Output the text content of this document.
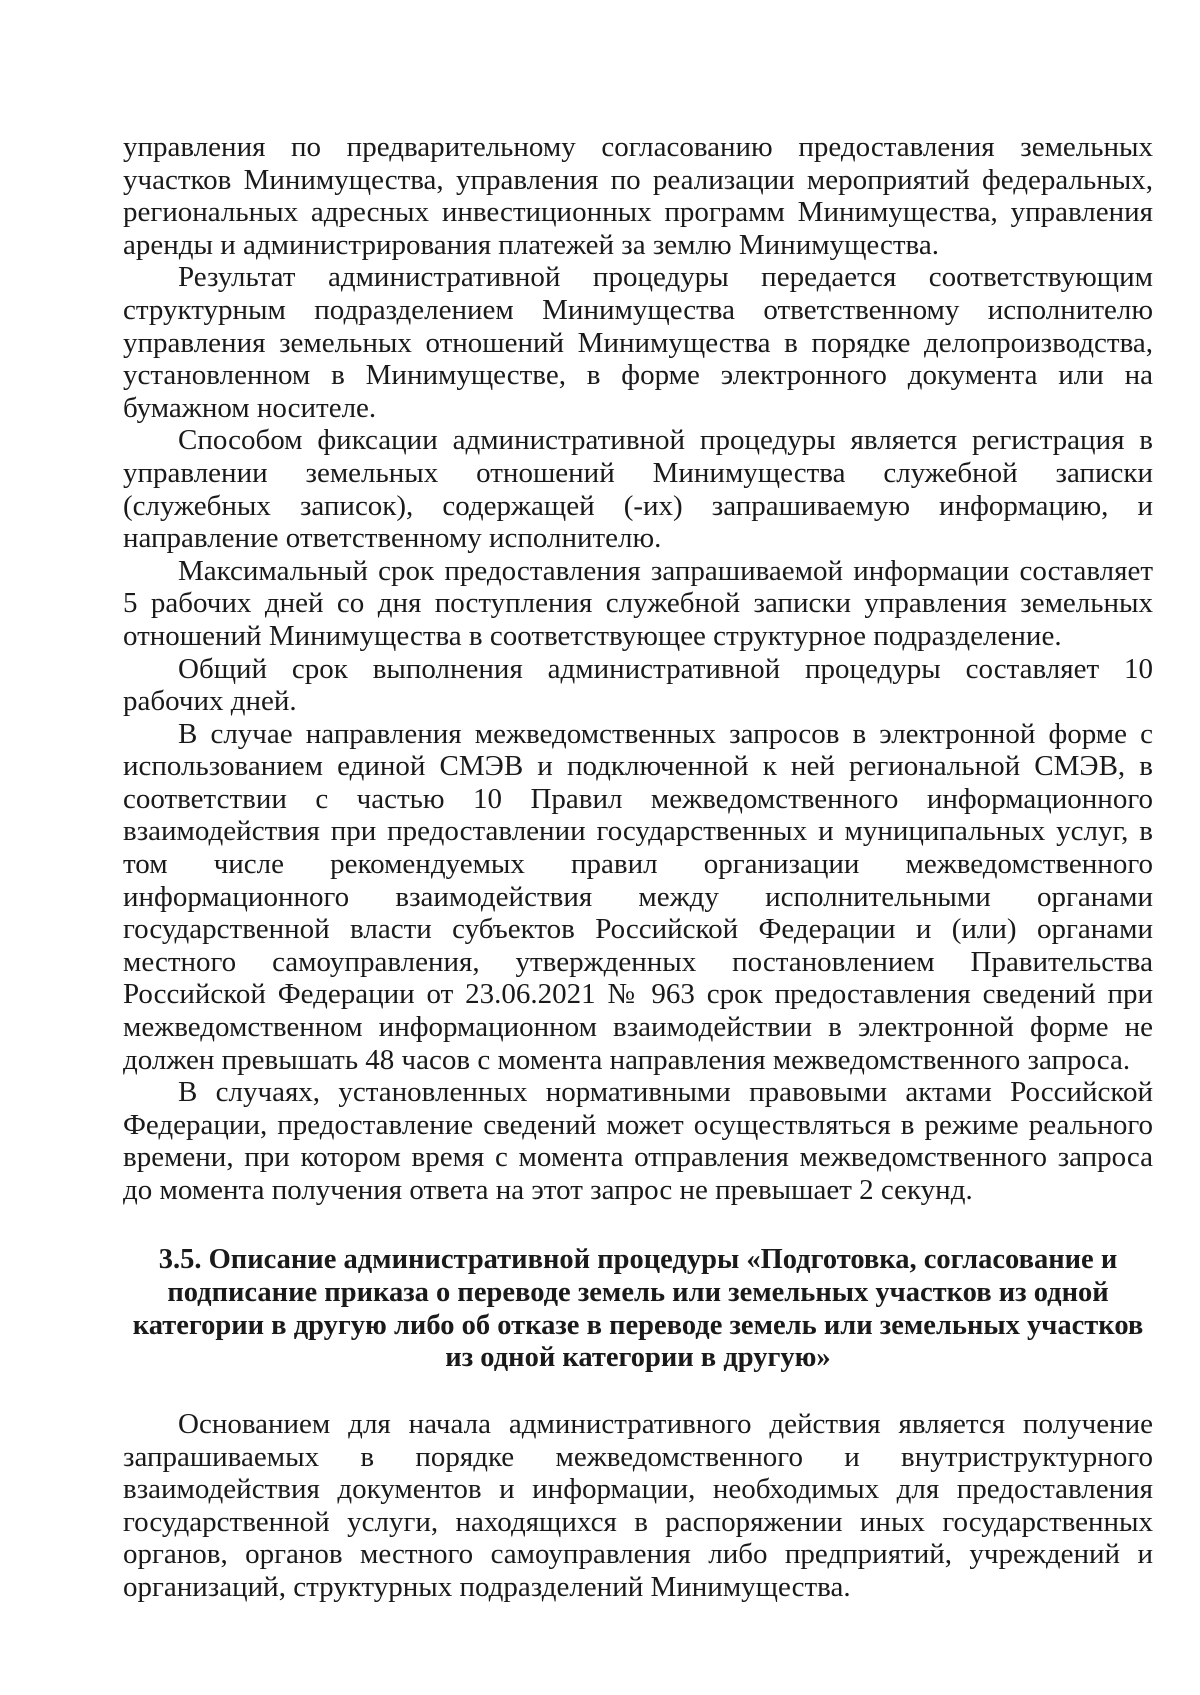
управления по предварительному согласованию предоставления земельных участков Минимущества, управления по реализации мероприятий федеральных, региональных адресных инвестиционных программ Минимущества, управления аренды и администрирования платежей за землю Минимущества.

Результат административной процедуры передается соответствующим структурным подразделением Минимущества ответственному исполнителю управления земельных отношений Минимущества в порядке делопроизводства, установленном в Минимуществе, в форме электронного документа или на бумажном носителе.

Способом фиксации административной процедуры является регистрация в управлении земельных отношений Минимущества служебной записки (служебных записок), содержащей (-их) запрашиваемую информацию, и направление ответственному исполнителю.

Максимальный срок предоставления запрашиваемой информации составляет 5 рабочих дней со дня поступления служебной записки управления земельных отношений Минимущества в соответствующее структурное подразделение.

Общий срок выполнения административной процедуры составляет 10 рабочих дней.

В случае направления межведомственных запросов в электронной форме с использованием единой СМЭВ и подключенной к ней региональной СМЭВ, в соответствии с частью 10 Правил межведомственного информационного взаимодействия при предоставлении государственных и муниципальных услуг, в том числе рекомендуемых правил организации межведомственного информационного взаимодействия между исполнительными органами государственной власти субъектов Российской Федерации и (или) органами местного самоуправления, утвержденных постановлением Правительства Российской Федерации от 23.06.2021 № 963 срок предоставления сведений при межведомственном информационном взаимодействии в электронной форме не должен превышать 48 часов с момента направления межведомственного запроса.

В случаях, установленных нормативными правовыми актами Российской Федерации, предоставление сведений может осуществляться в режиме реального времени, при котором время с момента отправления межведомственного запроса до момента получения ответа на этот запрос не превышает 2 секунд.

3.5. Описание административной процедуры «Подготовка, согласование и подписание приказа о переводе земель или земельных участков из одной категории в другую либо об отказе в переводе земель или земельных участков из одной категории в другую»

Основанием для начала административного действия является получение запрашиваемых в порядке межведомственного и внутриструктурного взаимодействия документов и информации, необходимых для предоставления государственной услуги, находящихся в распоряжении иных государственных органов, органов местного самоуправления либо предприятий, учреждений и организаций, структурных подразделений Минимущества.
